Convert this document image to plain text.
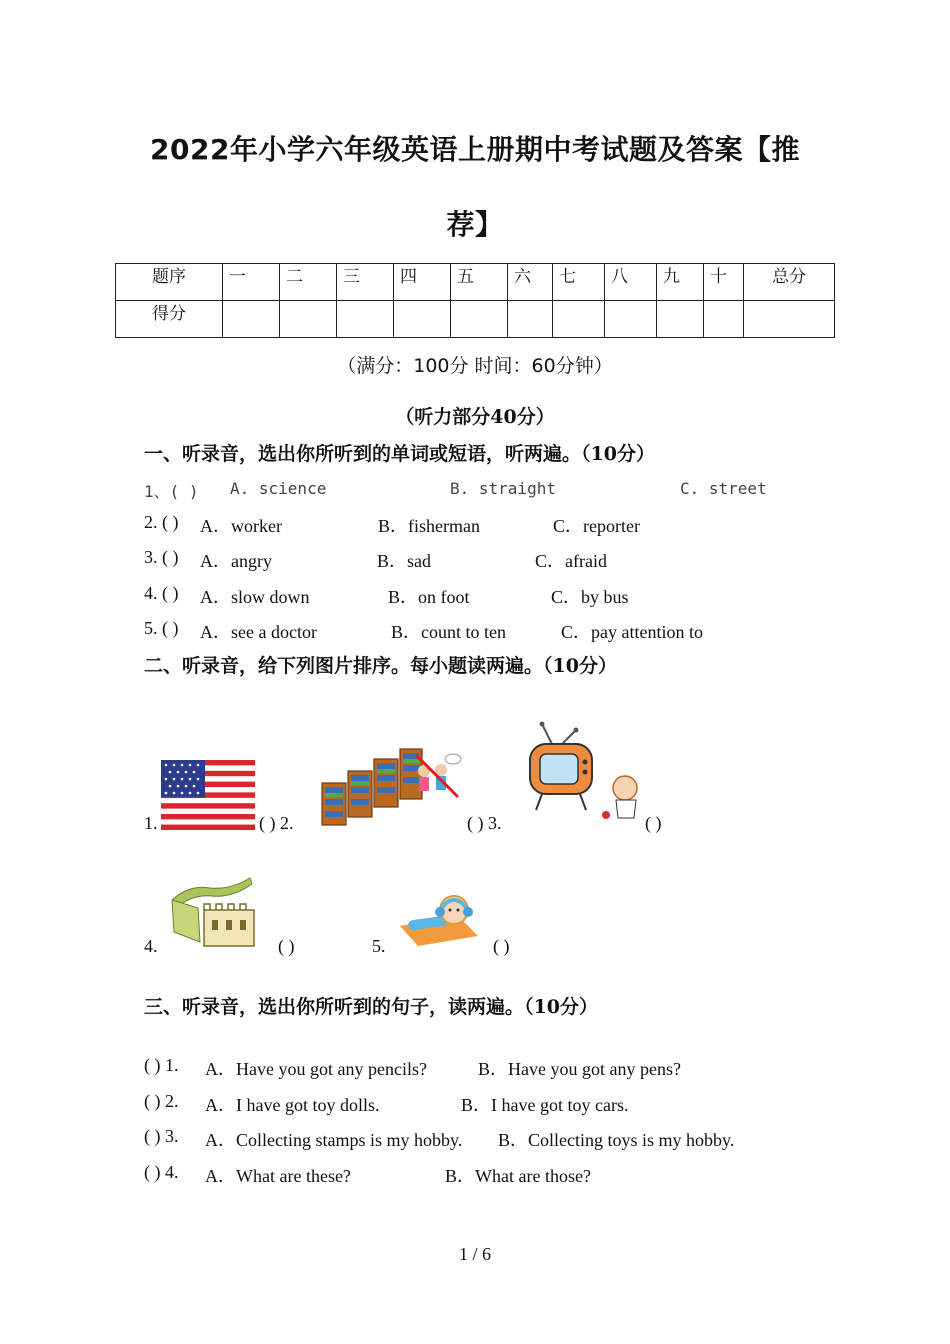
2022年小学六年级英语上册期中考试题及答案【推
荐】
题序	一	二	三	四	五	六	七	八	九	十	总分
得分											
（满分：100分 时间：60分钟）
（听力部分40分）
一、听录音，选出你所听到的单词或短语，听两遍。（10分）
1、( ) A. science	B. straight	C. street
2. ( ) A．worker	B．fisherman	C．reporter
3. ( ) A．angry	B．sad	C．afraid
4. ( ) A．slow down	B．on foot	C．by bus
5. ( ) A．see a doctor	B．count to ten	C．pay attention to
二、听录音，给下列图片排序。每小题读两遍。（10分）
1.	( ) 2.	( ) 3.	( )
4.	( )	5.	( )
三、听录音，选出你所听到的句子，读两遍。（10分）
( ) 1. A．Have you got any pencils?	B．Have you got any pens?
( ) 2. A．I have got toy dolls.	B．I have got toy cars.
( ) 3. A．Collecting stamps is my hobby. B．Collecting toys is my hobby.
( ) 4. A．What are these?	B．What are those?
1 / 6
